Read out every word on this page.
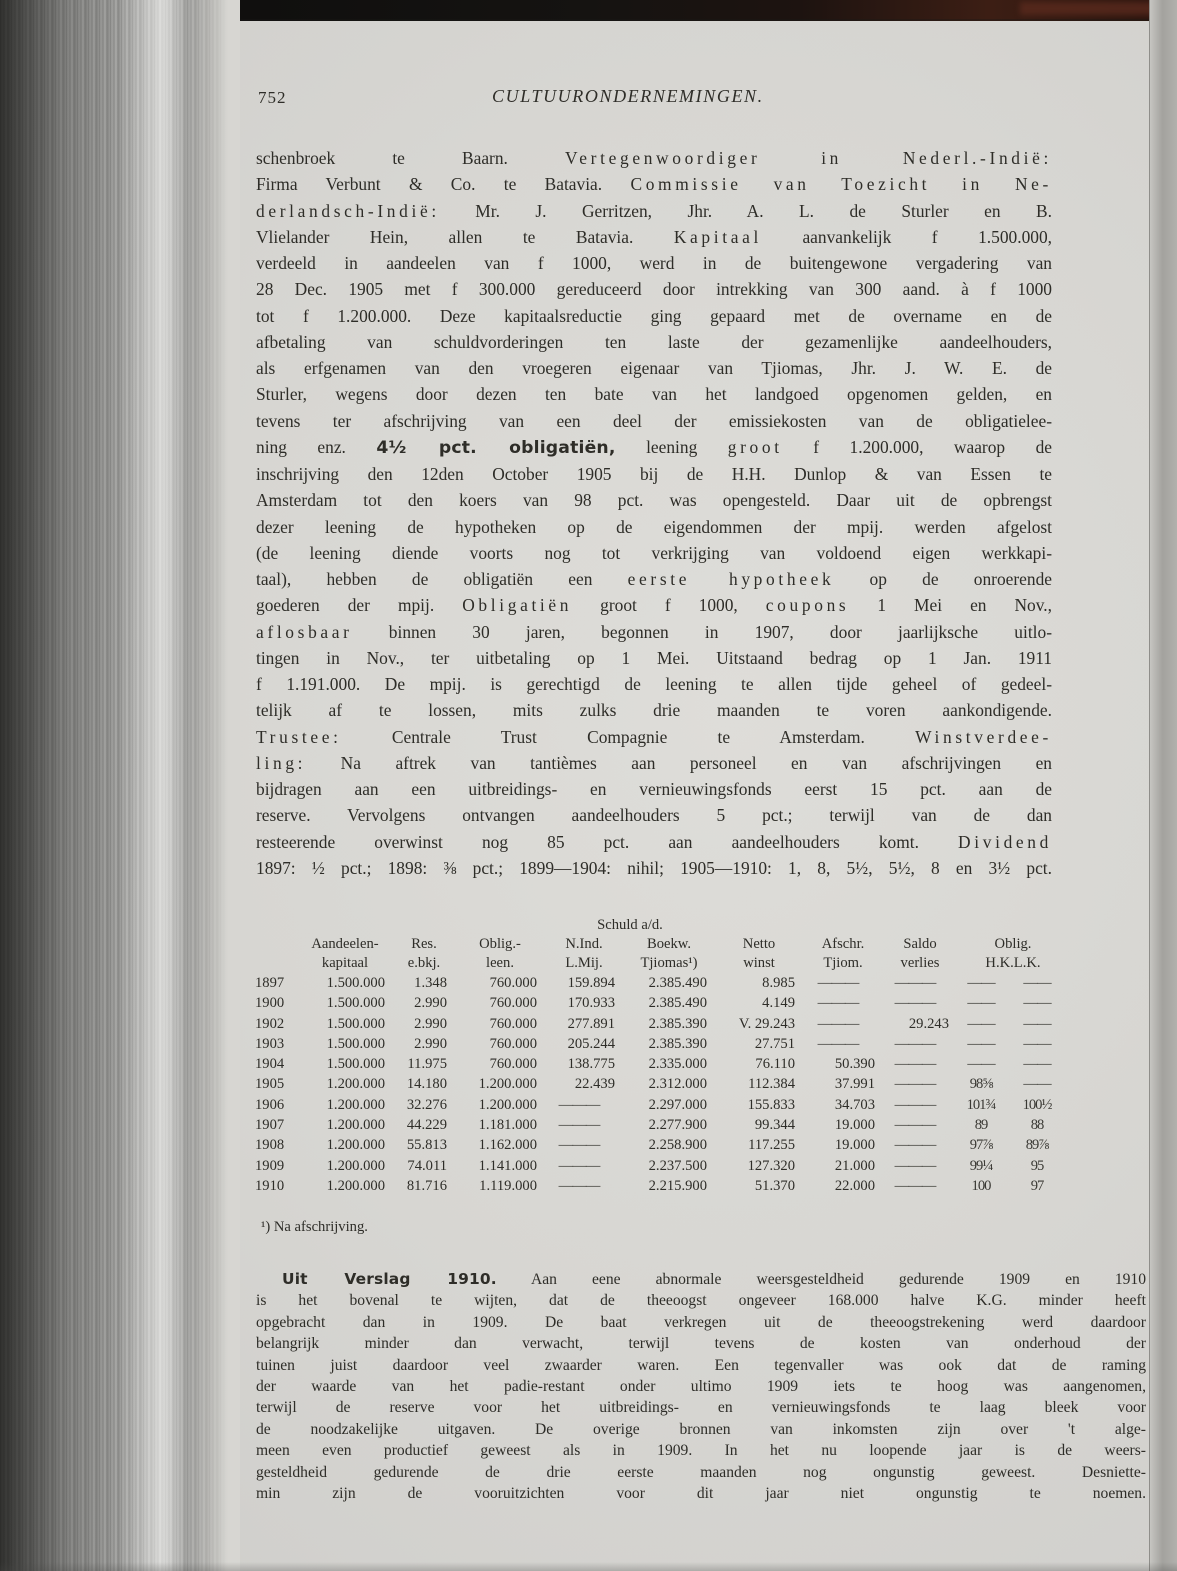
752	CULTUURONDERNEMINGEN.
schenbroek te Baarn. Vertegenwoordiger in Nederl.-Indië:
Firma Verbunt & Co. te Batavia. Commissie van Toezicht in Ne-
derlandsch-Indië: Mr. J. Gerritzen, Jhr. A. L. de Sturler en B.
Vlielander Hein, allen te Batavia. Kapitaal aanvankelijk f 1.500.000,
verdeeld in aandeelen van f 1000, werd in de buitengewone vergadering van
28 Dec. 1905 met f 300.000 gereduceerd door intrekking van 300 aand. à f 1000
tot f 1.200.000. Deze kapitaalsreductie ging gepaard met de overname en de
afbetaling van schuldvorderingen ten laste der gezamenlijke aandeelhouders,
als erfgenamen van den vroegeren eigenaar van Tjiomas, Jhr. J. W. E. de
Sturler, wegens door dezen ten bate van het landgoed opgenomen gelden, en
tevens ter afschrijving van een deel der emissiekosten van de obligatielee-
ning enz. 4½ pct. obligatiën, leening groot f 1.200.000, waarop de
inschrijving den 12den October 1905 bij de H.H. Dunlop & van Essen te
Amsterdam tot den koers van 98 pct. was opengesteld. Daar uit de opbrengst
dezer leening de hypotheken op de eigendommen der mpij. werden afgelost
(de leening diende voorts nog tot verkrijging van voldoend eigen werkkapi-
taal), hebben de obligatiën een eerste hypotheek op de onroerende
goederen der mpij. Obligatiën groot f 1000, coupons 1 Mei en Nov.,
aflosbaar binnen 30 jaren, begonnen in 1907, door jaarlijksche uitlo-
tingen in Nov., ter uitbetaling op 1 Mei. Uitstaand bedrag op 1 Jan. 1911
f 1.191.000. De mpij. is gerechtigd de leening te allen tijde geheel of gedeel-
telijk af te lossen, mits zulks drie maanden te voren aankondigende.
Trustee: Centrale Trust Compagnie te Amsterdam. Winstverdee-
ling: Na aftrek van tantièmes aan personeel en van afschrijvingen en
bijdragen aan een uitbreidings- en vernieuwingsfonds eerst 15 pct. aan de
reserve. Vervolgens ontvangen aandeelhouders 5 pct.; terwijl van de dan
resteerende overwinst nog 85 pct. aan aandeelhouders komt. Dividend
1897: ½ pct.; 1898: ⅜ pct.; 1899—1904: nihil; 1905—1910: 1, 8, 5½, 5½, 8 en 3½ pct.
				Schuld a/d.						
	Aandeelen-	Res.	Oblig.-	N.Ind.	Boekw.	Netto	Afschr.	Saldo	Oblig.	
	kapitaal	e.bkj.	leen.	L.Mij.	Tjiomas¹)	winst	Tjiom.	verlies	H.K.L.K.	
1897	1.500.000	1.348	760.000	159.894	2.385.490	8.985	———	———	——	——
1900	1.500.000	2.990	760.000	170.933	2.385.490	4.149	———	———	——	——
1902	1.500.000	2.990	760.000	277.891	2.385.390	V. 29.243	———	29.243	——	——
1903	1.500.000	2.990	760.000	205.244	2.385.390	27.751	———	———	——	——
1904	1.500.000	11.975	760.000	138.775	2.335.000	76.110	50.390	———	——	——
1905	1.200.000	14.180	1.200.000	22.439	2.312.000	112.384	37.991	———	98⅝	——
1906	1.200.000	32.276	1.200.000	———	2.297.000	155.833	34.703	———	101¾	100½
1907	1.200.000	44.229	1.181.000	———	2.277.900	99.344	19.000	———	89	88
1908	1.200.000	55.813	1.162.000	———	2.258.900	117.255	19.000	———	97⅞	89⅞
1909	1.200.000	74.011	1.141.000	———	2.237.500	127.320	21.000	———	99¼	95
1910	1.200.000	81.716	1.119.000	———	2.215.900	51.370	22.000	———	100	97
¹) Na afschrijving.
Uit Verslag 1910. Aan eene abnormale weersgesteldheid gedurende 1909 en 1910
is het bovenal te wijten, dat de theeoogst ongeveer 168.000 halve K.G. minder heeft
opgebracht dan in 1909. De baat verkregen uit de theeoogstrekening werd daardoor
belangrijk minder dan verwacht, terwijl tevens de kosten van onderhoud der
tuinen juist daardoor veel zwaarder waren. Een tegenvaller was ook dat de raming
der waarde van het padie-restant onder ultimo 1909 iets te hoog was aangenomen,
terwijl de reserve voor het uitbreidings- en vernieuwingsfonds te laag bleek voor
de noodzakelijke uitgaven. De overige bronnen van inkomsten zijn over 't alge-
meen even productief geweest als in 1909. In het nu loopende jaar is de weers-
gesteldheid gedurende de drie eerste maanden nog ongunstig geweest. Desniette-
min zijn de vooruitzichten voor dit jaar niet ongunstig te noemen.
